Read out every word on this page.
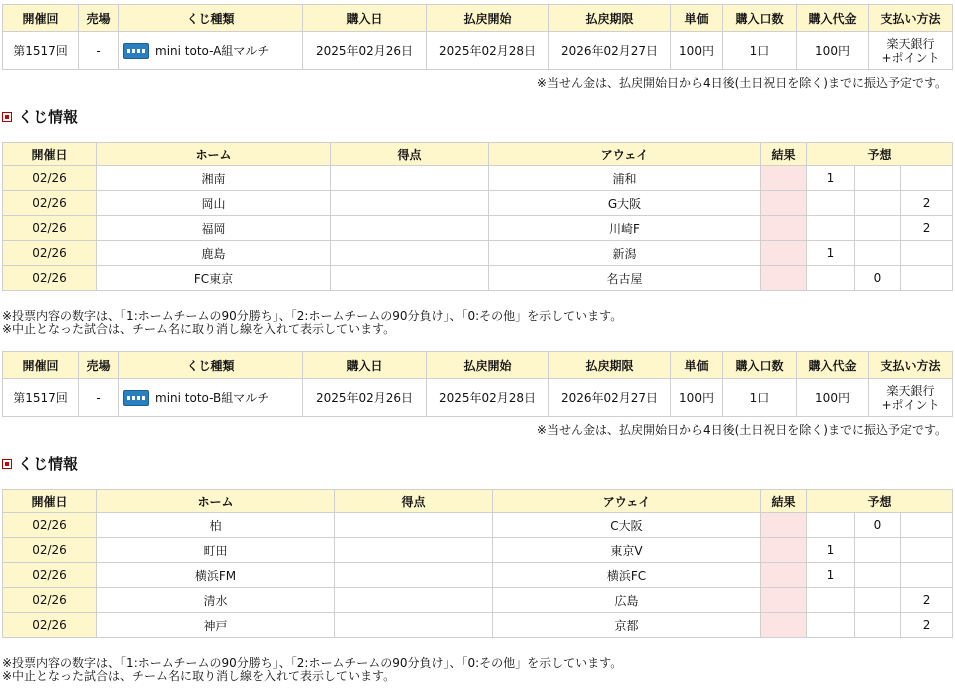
開催回	売場	くじ種類	購入日	払戻開始	払戻期限	単価	購入口数	購入代金	支払い方法
第1517回	-	mini toto-A組マルチ	2025年02月26日	2025年02月28日	2026年02月27日	100円	1口	100円	楽天銀行
+ポイント
※当せん金は、払戻開始日から4日後(土日祝日を除く)までに振込予定です。
くじ情報
開催日	ホーム	得点	アウェイ	結果	予想		
02/26	湘南		浦和		1		
02/26	岡山		G大阪				2
02/26	福岡		川崎F				2
02/26	鹿島		新潟		1		
02/26	FC東京		名古屋			0	
※投票内容の数字は、「1:ホームチームの90分勝ち」、「2:ホームチームの90分負け」、「0:その他」を示しています。
※中止となった試合は、チーム名に取り消し線を入れて表示しています。
開催回	売場	くじ種類	購入日	払戻開始	払戻期限	単価	購入口数	購入代金	支払い方法
第1517回	-	mini toto-B組マルチ	2025年02月26日	2025年02月28日	2026年02月27日	100円	1口	100円	楽天銀行
+ポイント
※当せん金は、払戻開始日から4日後(土日祝日を除く)までに振込予定です。
くじ情報
開催日	ホーム	得点	アウェイ	結果	予想		
02/26	柏		C大阪			0	
02/26	町田		東京V		1		
02/26	横浜FM		横浜FC		1		
02/26	清水		広島				2
02/26	神戸		京都				2
※投票内容の数字は、「1:ホームチームの90分勝ち」、「2:ホームチームの90分負け」、「0:その他」を示しています。
※中止となった試合は、チーム名に取り消し線を入れて表示しています。
